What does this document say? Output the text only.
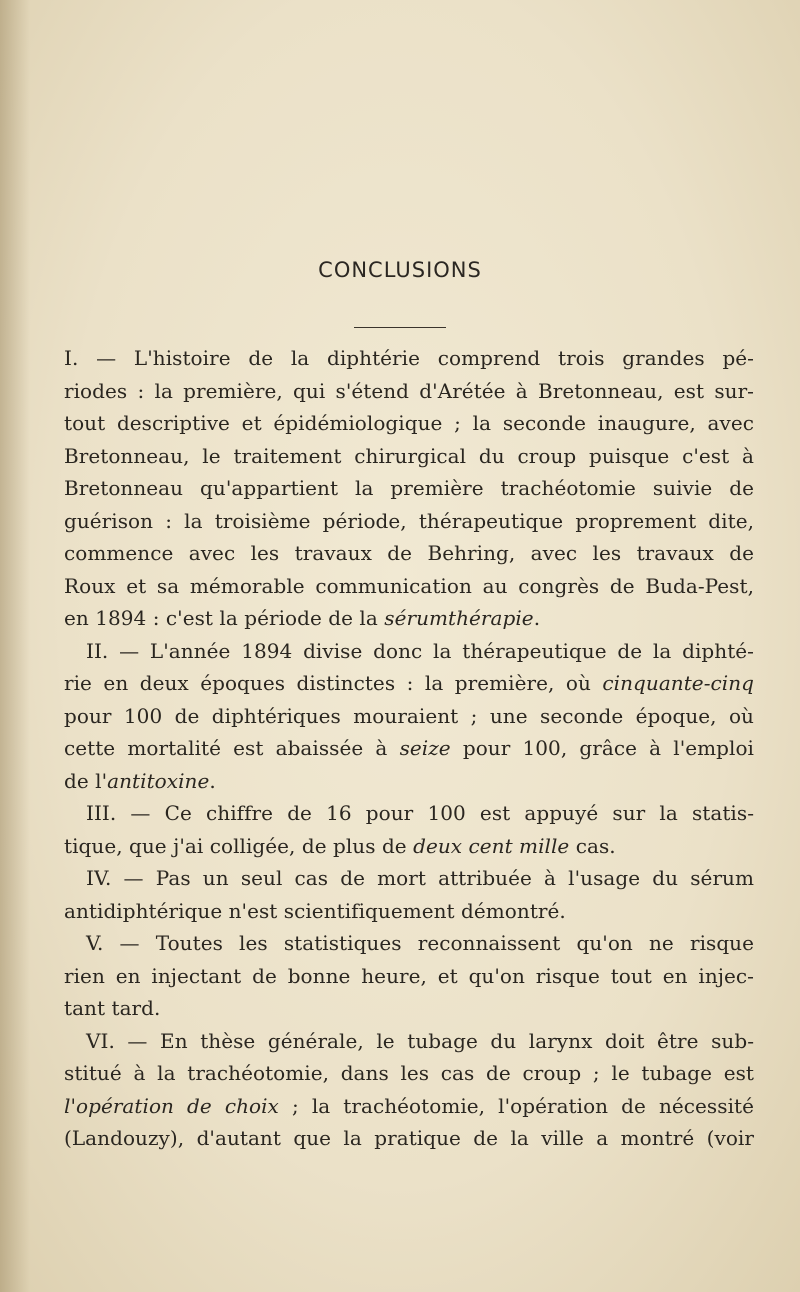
CONCLUSIONS
I. — L'histoire de la diphtérie comprend trois grandes pé-
riodes : la première, qui s'étend d'Arétée à Bretonneau, est sur-
tout descriptive et épidémiologique ; la seconde inaugure, avec
Bretonneau, le traitement chirurgical du croup puisque c'est à
Bretonneau qu'appartient la première trachéotomie suivie de
guérison : la troisième période, thérapeutique proprement dite,
commence avec les travaux de Behring, avec les travaux de
Roux et sa mémorable communication au congrès de Buda-Pest,
en 1894 : c'est la période de la sérumthérapie.
II. — L'année 1894 divise donc la thérapeutique de la diphté-
rie en deux époques distinctes : la première, où cinquante-cinq
pour 100 de diphtériques mouraient ; une seconde époque, où
cette mortalité est abaissée à seize pour 100, grâce à l'emploi
de l'antitoxine.
III. — Ce chiffre de 16 pour 100 est appuyé sur la statis-
tique, que j'ai colligée, de plus de deux cent mille cas.
IV. — Pas un seul cas de mort attribuée à l'usage du sérum
antidiphtérique n'est scientifiquement démontré.
V. — Toutes les statistiques reconnaissent qu'on ne risque
rien en injectant de bonne heure, et qu'on risque tout en injec-
tant tard.
VI. — En thèse générale, le tubage du larynx doit être sub-
stitué à la trachéotomie, dans les cas de croup ; le tubage est
l'opération de choix ; la trachéotomie, l'opération de nécessité
(Landouzy), d'autant que la pratique de la ville a montré (voir
